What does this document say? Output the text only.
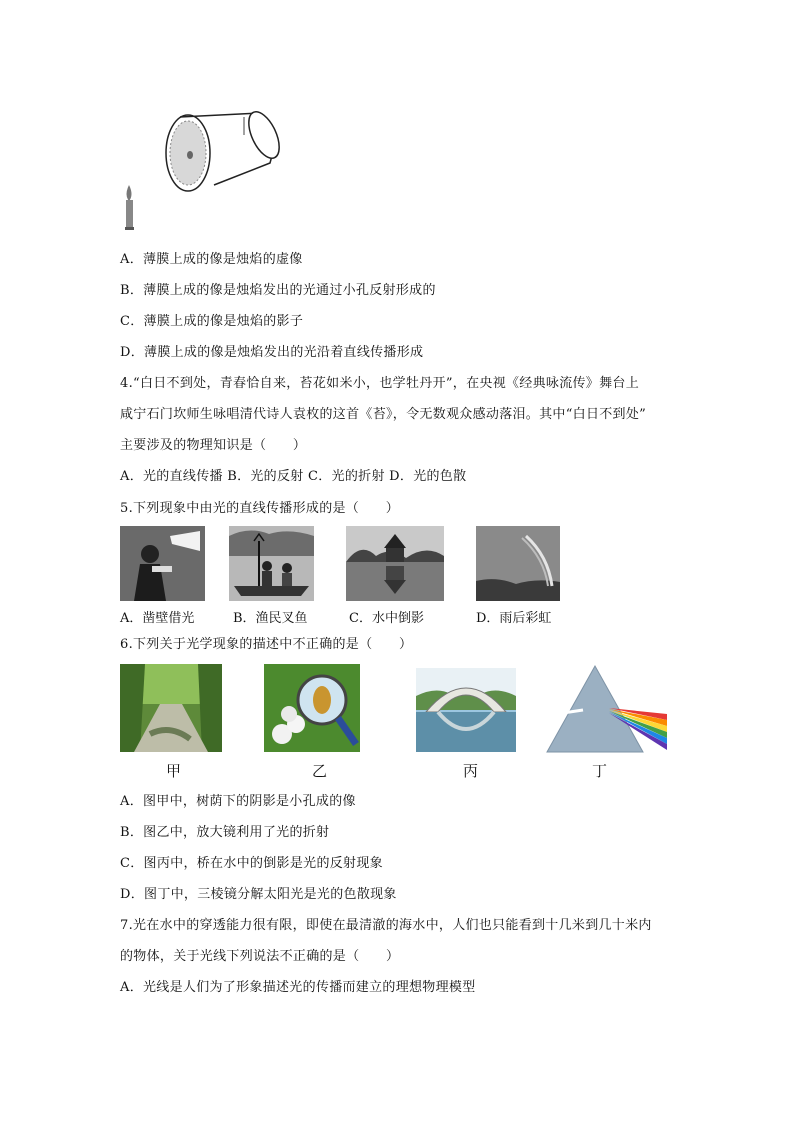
A．薄膜上成的像是烛焰的虚像
B．薄膜上成的像是烛焰发出的光通过小孔反射形成的
C．薄膜上成的像是烛焰的影子
D．薄膜上成的像是烛焰发出的光沿着直线传播形成
4.“白日不到处，青春恰自来，苔花如米小，也学牡丹开”，在央视《经典咏流传》舞台上
咸宁石门坎师生咏唱清代诗人袁枚的这首《苔》，令无数观众感动落泪。其中“白日不到处”
主要涉及的物理知识是（　　）
A．光的直线传播 B．光的反射 C．光的折射 D．光的色散
5.下列现象中由光的直线传播形成的是（　　）
A．凿壁借光	B．渔民叉鱼	C．水中倒影	D．雨后彩虹
6.下列关于光学现象的描述中不正确的是（　　）
甲	乙	丙	丁
A．图甲中，树荫下的阴影是小孔成的像
B．图乙中，放大镜利用了光的折射
C．图丙中，桥在水中的倒影是光的反射现象
D．图丁中，三棱镜分解太阳光是光的色散现象
7.光在水中的穿透能力很有限，即使在最清澈的海水中，人们也只能看到十几米到几十米内
的物体，关于光线下列说法不正确的是（　　）
A．光线是人们为了形象描述光的传播而建立的理想物理模型
